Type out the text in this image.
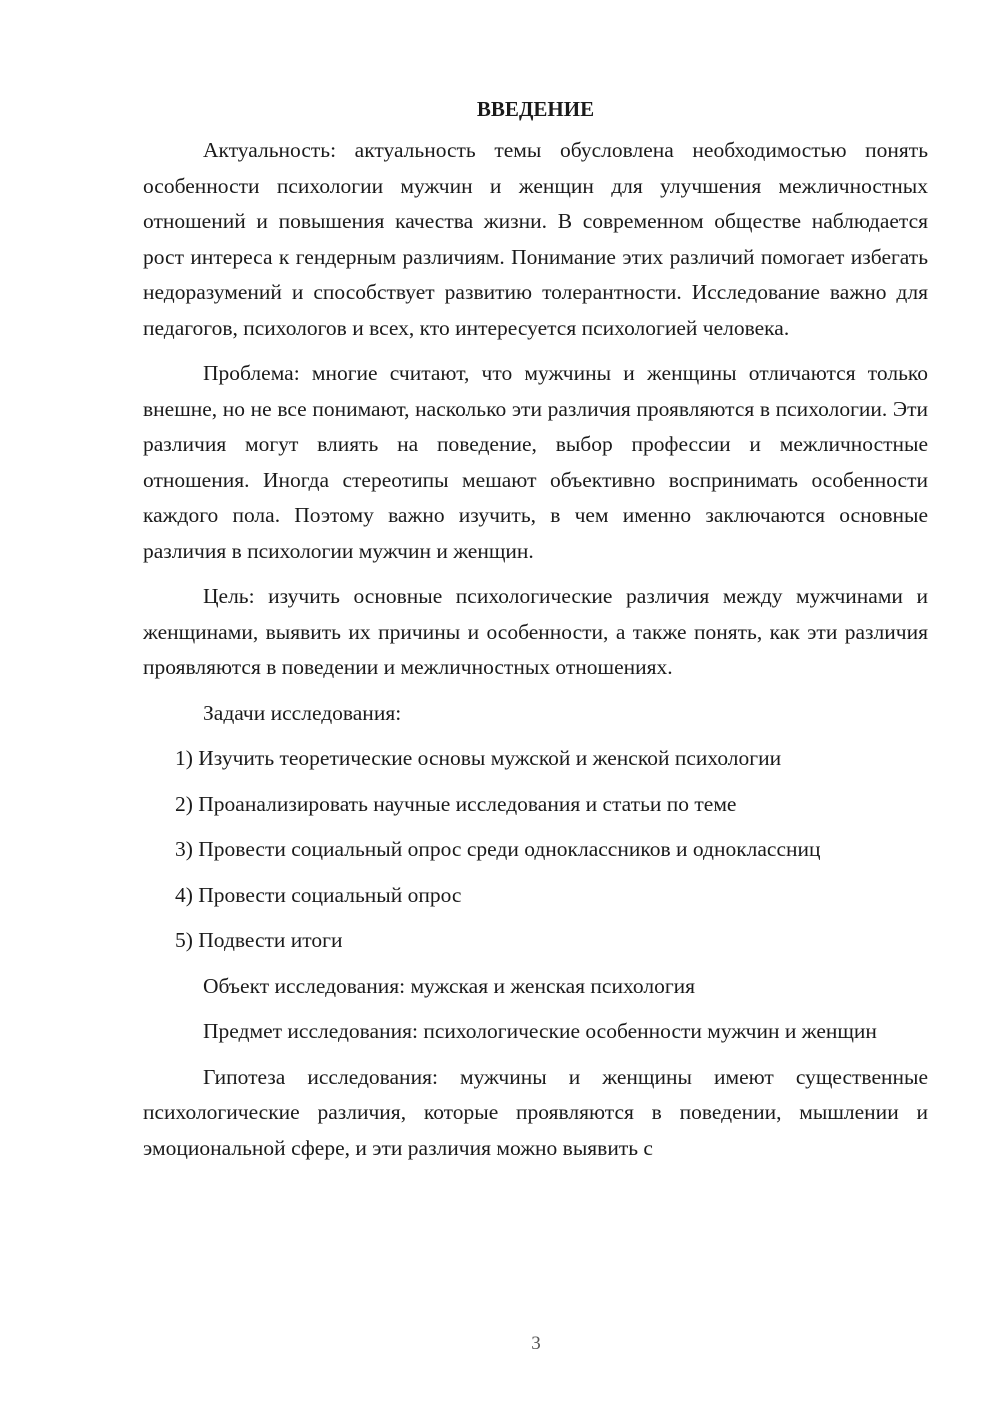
ВВЕДЕНИЕ

Актуальность: актуальность темы обусловлена необходимостью понять особенности психологии мужчин и женщин для улучшения межличностных отношений и повышения качества жизни. В современном обществе наблюдается рост интереса к гендерным различиям. Понимание этих различий помогает избегать недоразумений и способствует развитию толерантности. Исследование важно для педагогов, психологов и всех, кто интересуется психологией человека.

Проблема: многие считают, что мужчины и женщины отличаются только внешне, но не все понимают, насколько эти различия проявляются в психологии. Эти различия могут влиять на поведение, выбор профессии и межличностные отношения. Иногда стереотипы мешают объективно воспринимать особенности каждого пола. Поэтому важно изучить, в чем именно заключаются основные различия в психологии мужчин и женщин.

Цель: изучить основные психологические различия между мужчинами и женщинами, выявить их причины и особенности, а также понять, как эти различия проявляются в поведении и межличностных отношениях.

Задачи исследования:

1) Изучить теоретические основы мужской и женской психологии
2) Проанализировать научные исследования и статьи по теме
3) Провести социальный опрос среди одноклассников и одноклассниц
4) Провести социальный опрос
5) Подвести итоги

Объект исследования: мужская и женская психология

Предмет исследования: психологические особенности мужчин и женщин

Гипотеза исследования: мужчины и женщины имеют существенные психологические различия, которые проявляются в поведении, мышлении и эмоциональной сфере, и эти различия можно выявить с

3
